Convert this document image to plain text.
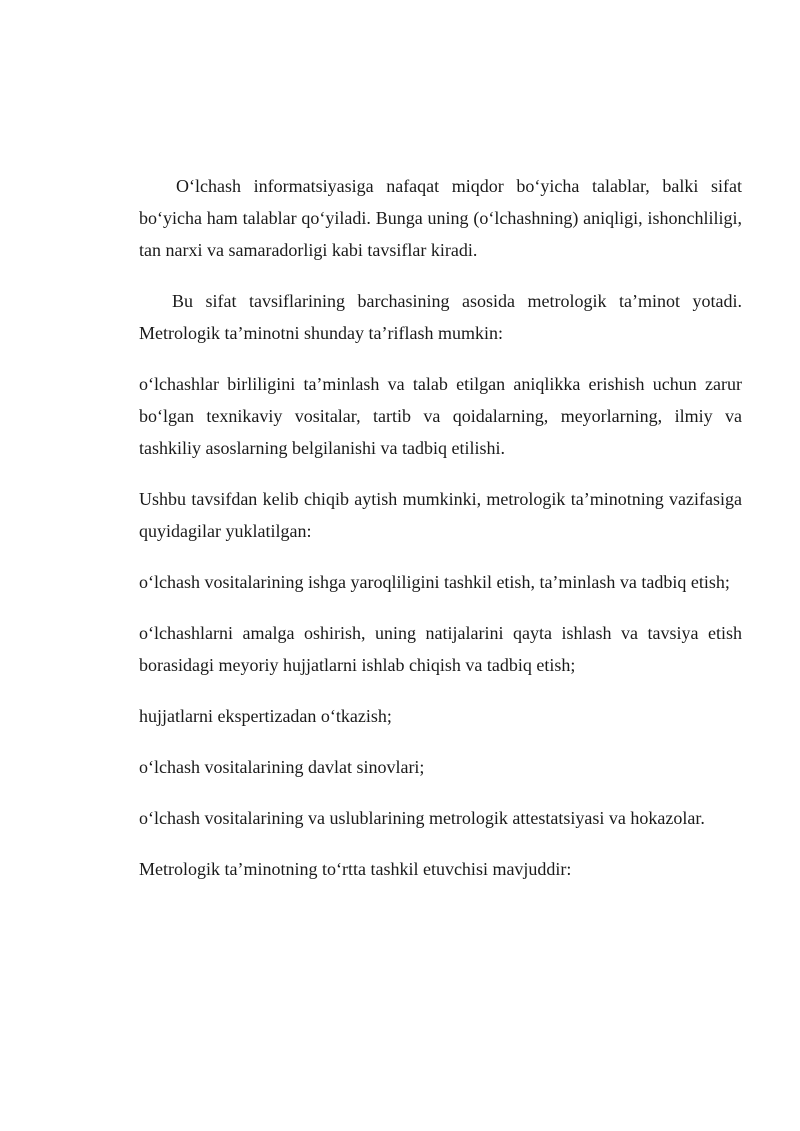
O‘lchash informatsiyasiga nafaqat miqdor bo‘yicha talablar, balki sifat bo‘yicha ham talablar qo‘yiladi. Bunga uning (o‘lchashning) aniqligi, ishonchliligi, tan narxi va samaradorligi kabi tavsiflar kiradi.

Bu sifat tavsiflarining barchasining asosida metrologik ta’minot yotadi. Metrologik ta’minotni shunday ta’riflash mumkin:

o‘lchashlar birliligini ta’minlash va talab etilgan aniqlikka erishish uchun zarur bo‘lgan texnikaviy vositalar, tartib va qoidalarning, meyorlarning, ilmiy va tashkiliy asoslarning belgilanishi va tadbiq etilishi.

Ushbu tavsifdan kelib chiqib aytish mumkinki, metrologik ta’minotning vazifasiga quyidagilar yuklatilgan:

o‘lchash vositalarining ishga yaroqliligini tashkil etish, ta’minlash va tadbiq etish;

o‘lchashlarni amalga oshirish, uning natijalarini qayta ishlash va tavsiya etish borasidagi meyoriy hujjatlarni ishlab chiqish va tadbiq etish;

hujjatlarni ekspertizadan o‘tkazish;

o‘lchash vositalarining davlat sinovlari;

o‘lchash vositalarining va uslublarining metrologik attestatsiyasi va hokazolar.

Metrologik ta’minotning to‘rtta tashkil etuvchisi mavjuddir:
